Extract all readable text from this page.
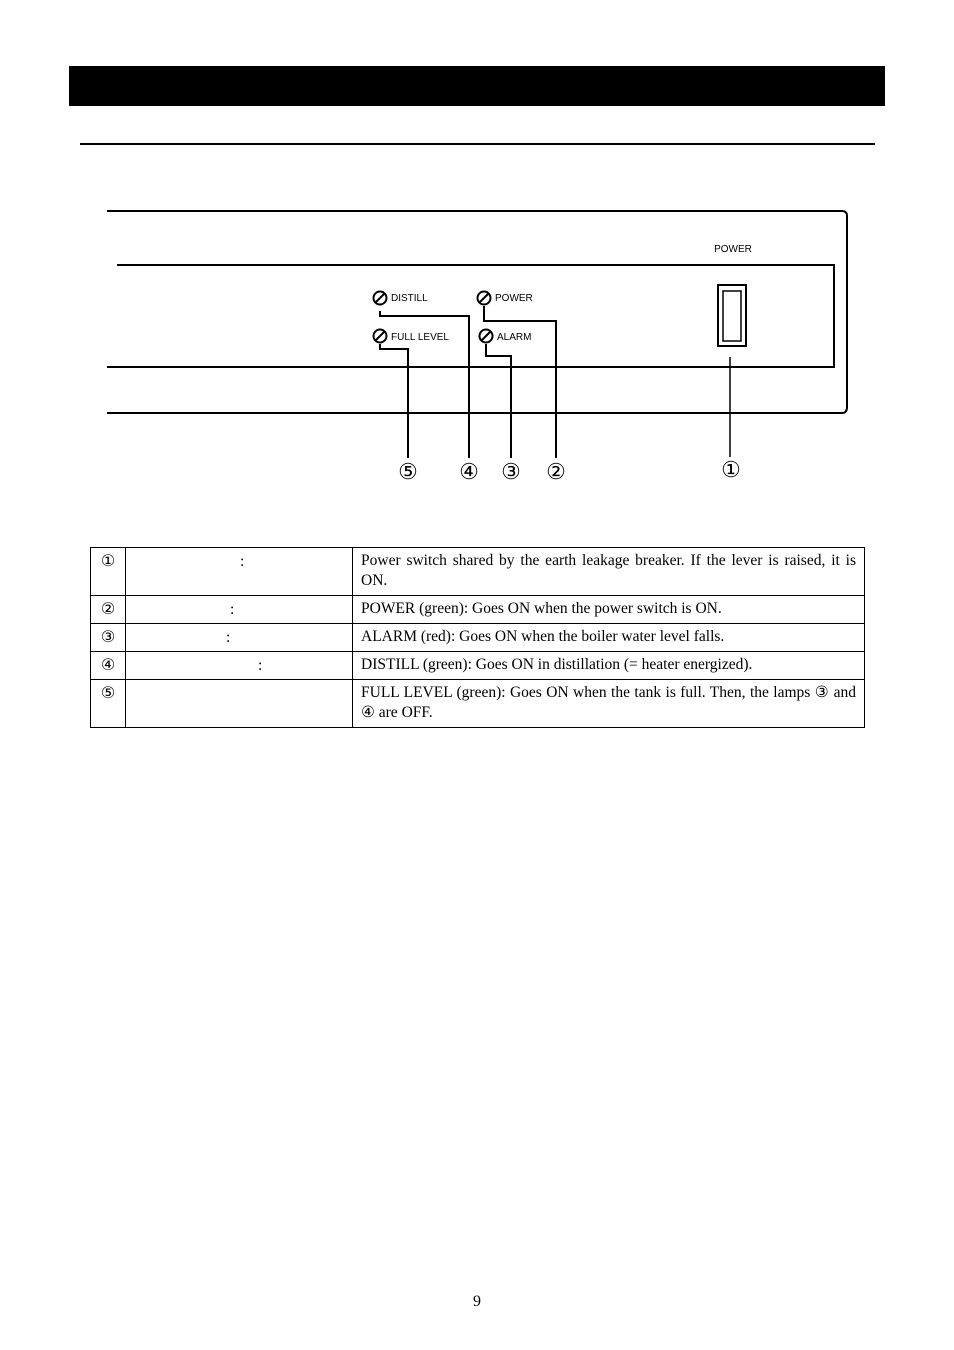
POWER
DISTILL	POWER
FULL LEVEL	ALARM
⑤ ④ ③ ②	①
①	:	Power switch shared by the earth leakage breaker. If the lever is raised, it is ON.
②	:	POWER (green): Goes ON when the power switch is ON.
③	:	ALARM (red): Goes ON when the boiler water level falls.
④	:	DISTILL (green): Goes ON in distillation (= heater energized).
⑤		FULL LEVEL (green): Goes ON when the tank is full. Then, the lamps ③ and ④ are OFF.
9
